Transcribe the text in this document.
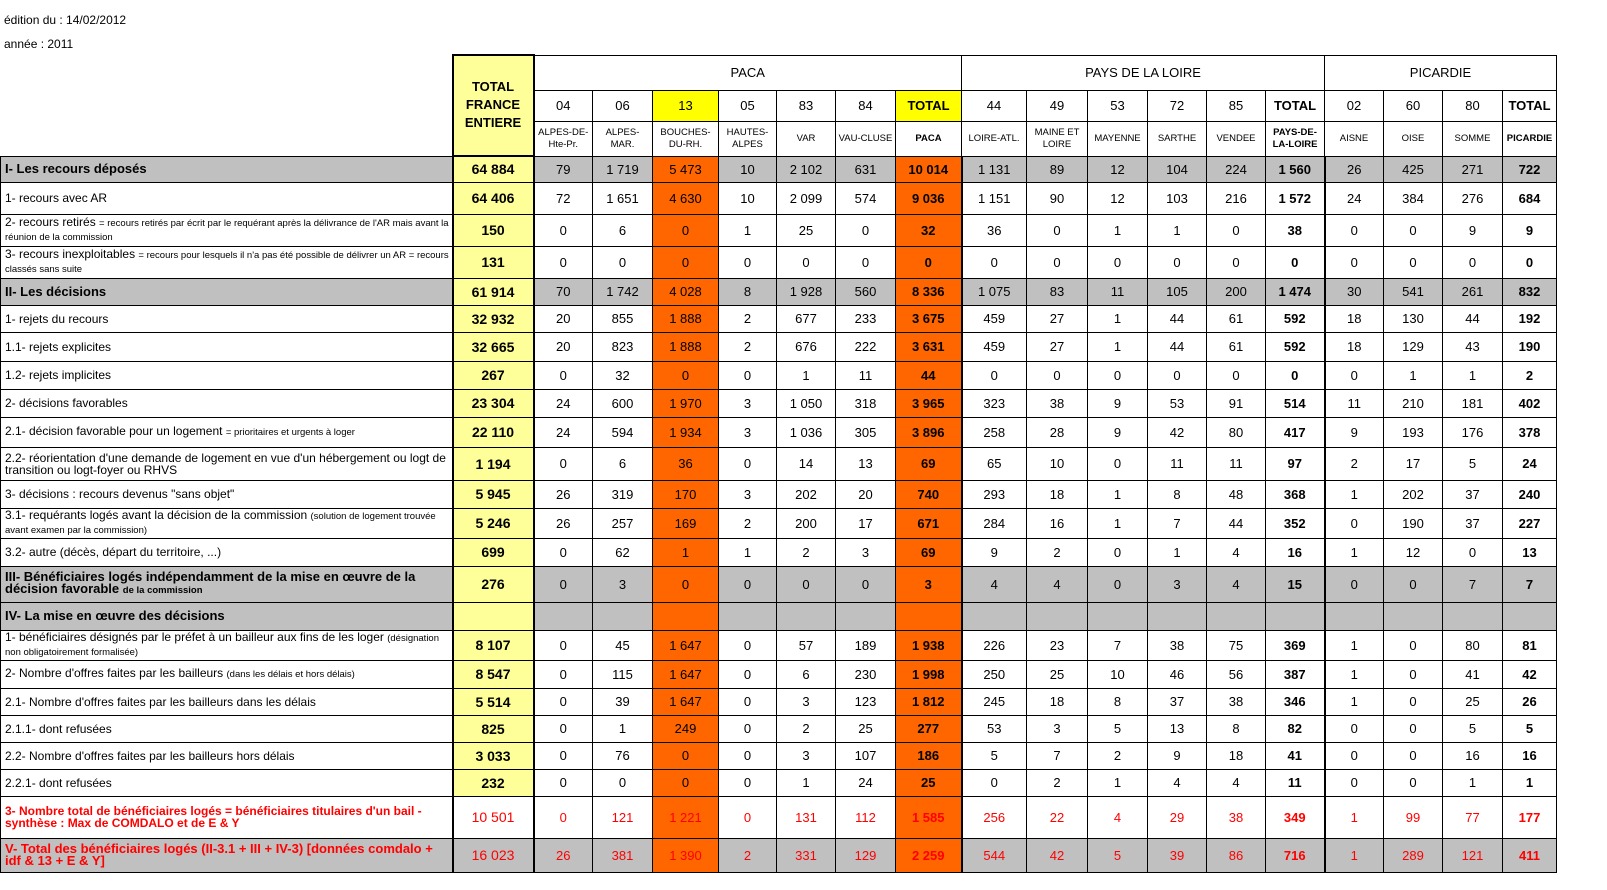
édition du : 14/02/2012
année : 2011
	TOTAL FRANCE ENTIERE	PACA							PAYS DE LA LOIRE						PICARDIE			
		04	06	13	05	83	84	TOTAL	44	49	53	72	85	TOTAL	02	60	80	TOTAL
		ALPES-DE-Hte-Pr.	ALPES-MAR.	BOUCHES-DU-RH.	HAUTES-ALPES	VAR	VAU-CLUSE	PACA	LOIRE-ATL.	MAINE ET LOIRE	MAYENNE	SARTHE	VENDEE	PAYS-DE-LA-LOIRE	AISNE	OISE	SOMME	PICARDIE
I- Les recours déposés	64 884	79	1 719	5 473	10	2 102	631	10 014	1 131	89	12	104	224	1 560	26	425	271	722
1- recours avec AR	64 406	72	1 651	4 630	10	2 099	574	9 036	1 151	90	12	103	216	1 572	24	384	276	684
2- recours retirés = recours retirés par écrit par le requérant après la délivrance de l'AR mais avant la réunion de la commission	150	0	6	0	1	25	0	32	36	0	1	1	0	38	0	0	9	9
3- recours inexploitables = recours pour lesquels il n'a pas été possible de délivrer un AR = recours classés sans suite	131	0	0	0	0	0	0	0	0	0	0	0	0	0	0	0	0	0
II- Les décisions	61 914	70	1 742	4 028	8	1 928	560	8 336	1 075	83	11	105	200	1 474	30	541	261	832
1- rejets du recours	32 932	20	855	1 888	2	677	233	3 675	459	27	1	44	61	592	18	130	44	192
1.1- rejets explicites	32 665	20	823	1 888	2	676	222	3 631	459	27	1	44	61	592	18	129	43	190
1.2- rejets implicites	267	0	32	0	0	1	11	44	0	0	0	0	0	0	0	1	1	2
2- décisions favorables	23 304	24	600	1 970	3	1 050	318	3 965	323	38	9	53	91	514	11	210	181	402
2.1- décision favorable pour un logement = prioritaires et urgents à loger	22 110	24	594	1 934	3	1 036	305	3 896	258	28	9	42	80	417	9	193	176	378
2.2- réorientation d'une demande de logement en vue d'un hébergement ou logt de transition ou logt-foyer ou RHVS	1 194	0	6	36	0	14	13	69	65	10	0	11	11	97	2	17	5	24
3- décisions : recours devenus "sans objet"	5 945	26	319	170	3	202	20	740	293	18	1	8	48	368	1	202	37	240
3.1- requérants logés avant la décision de la commission (solution de logement trouvée avant examen par la commission)	5 246	26	257	169	2	200	17	671	284	16	1	7	44	352	0	190	37	227
3.2- autre (décès, départ du territoire, ...)	699	0	62	1	1	2	3	69	9	2	0	1	4	16	1	12	0	13
III- Bénéficiaires logés indépendamment de la mise en œuvre de la décision favorable de la commission	276	0	3	0	0	0	0	3	4	4	0	3	4	15	0	0	7	7
IV- La mise en œuvre des décisions																		
1- bénéficiaires désignés par le préfet à un bailleur aux fins de les loger (désignation non obligatoirement formalisée)	8 107	0	45	1 647	0	57	189	1 938	226	23	7	38	75	369	1	0	80	81
2- Nombre d'offres faites par les bailleurs (dans les délais et hors délais)	8 547	0	115	1 647	0	6	230	1 998	250	25	10	46	56	387	1	0	41	42
2.1- Nombre d'offres faites par les bailleurs dans les délais	5 514	0	39	1 647	0	3	123	1 812	245	18	8	37	38	346	1	0	25	26
2.1.1- dont refusées	825	0	1	249	0	2	25	277	53	3	5	13	8	82	0	0	5	5
2.2- Nombre d'offres faites par les bailleurs hors délais	3 033	0	76	0	0	3	107	186	5	7	2	9	18	41	0	0	16	16
2.2.1- dont refusées	232	0	0	0	0	1	24	25	0	2	1	4	4	11	0	0	1	1
3- Nombre total de bénéficiaires logés = bénéficiaires titulaires d'un bail - synthèse : Max de COMDALO et de E & Y	10 501	0	121	1 221	0	131	112	1 585	256	22	4	29	38	349	1	99	77	177
V- Total des bénéficiaires logés (II-3.1 + III + IV-3) [données comdalo + idf & 13 + E & Y]	16 023	26	381	1 390	2	331	129	2 259	544	42	5	39	86	716	1	289	121	411
